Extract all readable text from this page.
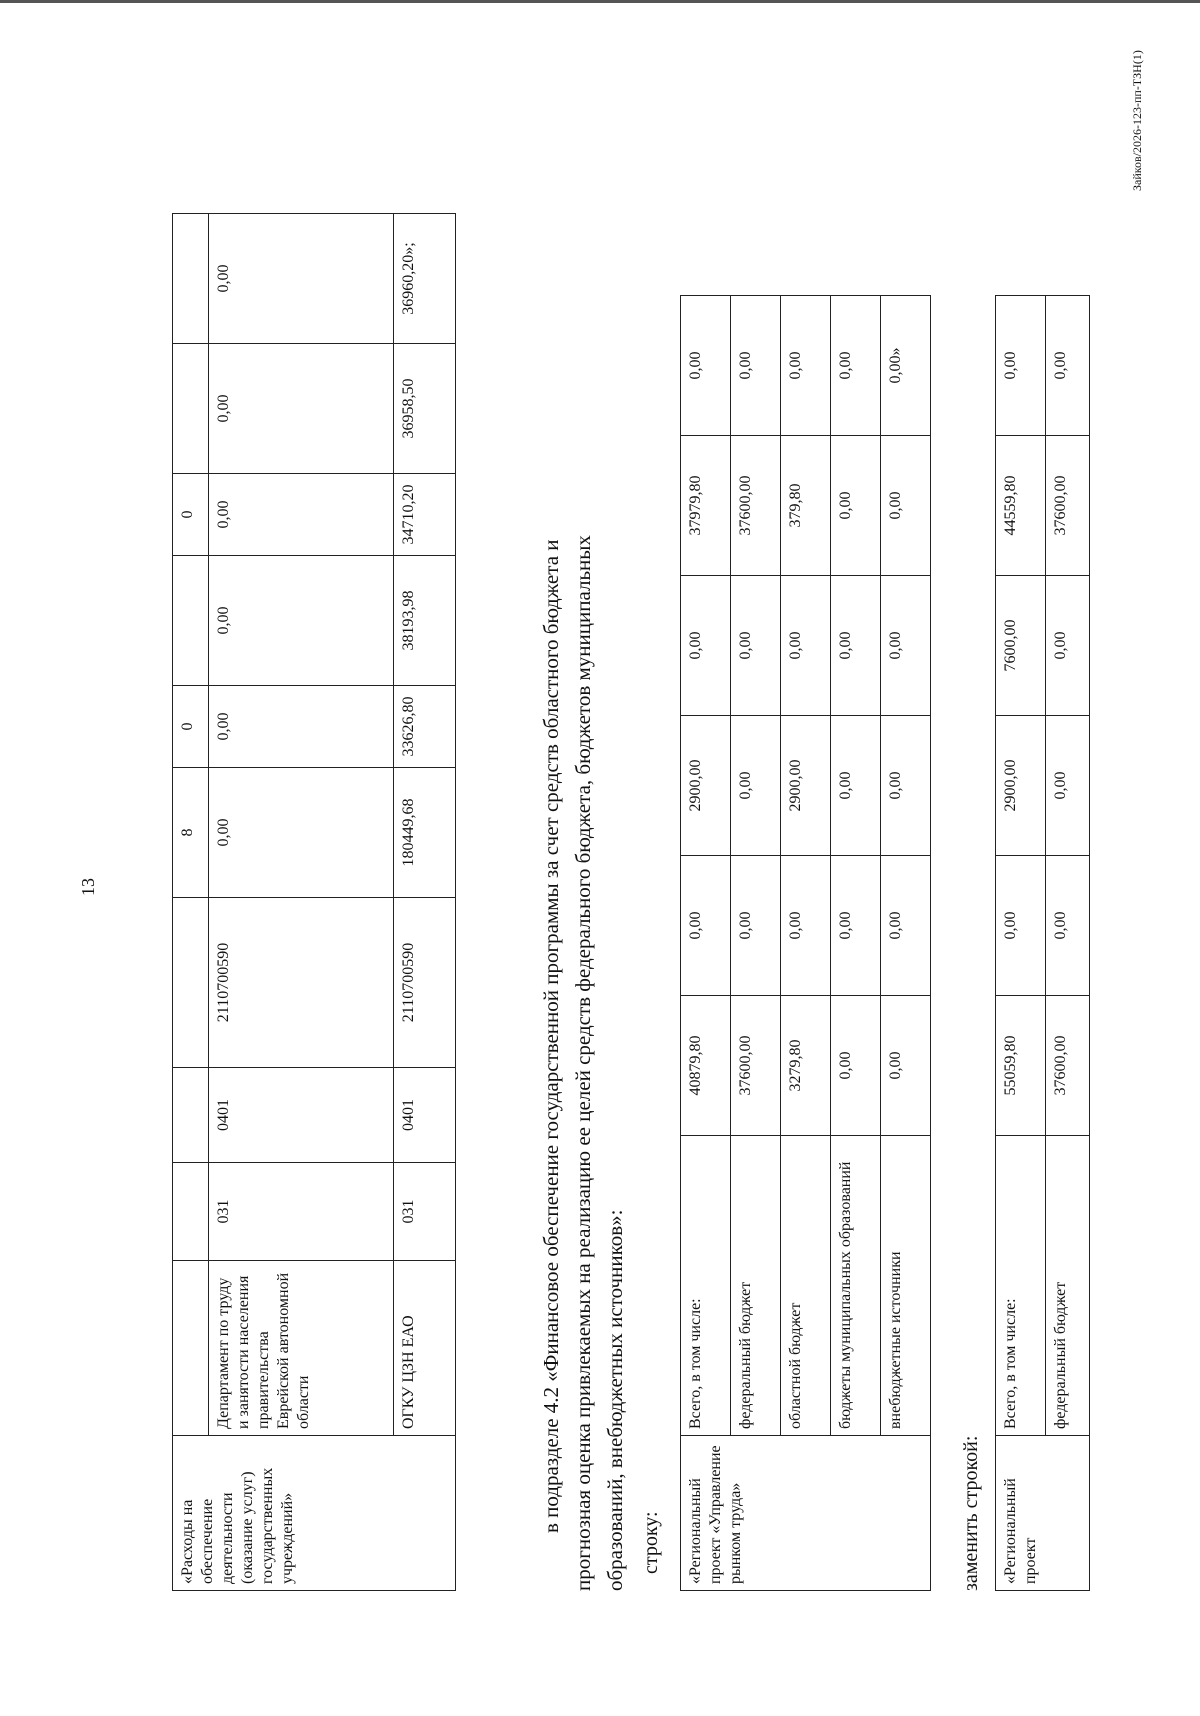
13
«Расходы на обеспечение деятельности (оказание услуг) государственных учреждений»					8	0		0		
	Департамент по труду и занятости населения правительства Еврейской автономной области	031	0401	2110700590	0,00	0,00	0,00	0,00	0,00	0,00
	ОГКУ ЦЗН ЕАО	031	0401	2110700590	180449,68	33626,80	38193,98	34710,20	36958,50	36960,20»;
в подразделе 4.2 «Финансовое обеспечение государственной программы за счет средств областного бюджета и прогнозная оценка привлекаемых на реализацию ее целей средств федерального бюджета, бюджетов муниципальных образований, внебюджетных источников»: строку: «Региональный проект «Управление рынком труда»	Всего, в том числе:	40879,80	0,00	2900,00	0,00	37979,80	0,00
	федеральный бюджет	37600,00	0,00	0,00	0,00	37600,00	0,00
	областной бюджет	3279,80	0,00	2900,00	0,00	379,80	0,00
	бюджеты муниципальных образований	0,00	0,00	0,00	0,00	0,00	0,00
	внебюджетные источники	0,00	0,00	0,00	0,00	0,00	0,00»
заменить строкой: «Региональный проект	Всего, в том числе:	55059,80	0,00	2900,00	7600,00	44559,80	0,00
	федеральный бюджет	37600,00	0,00	0,00	0,00	37600,00	0,00
Зайков/2026-123-пп-ТЗН(1)
